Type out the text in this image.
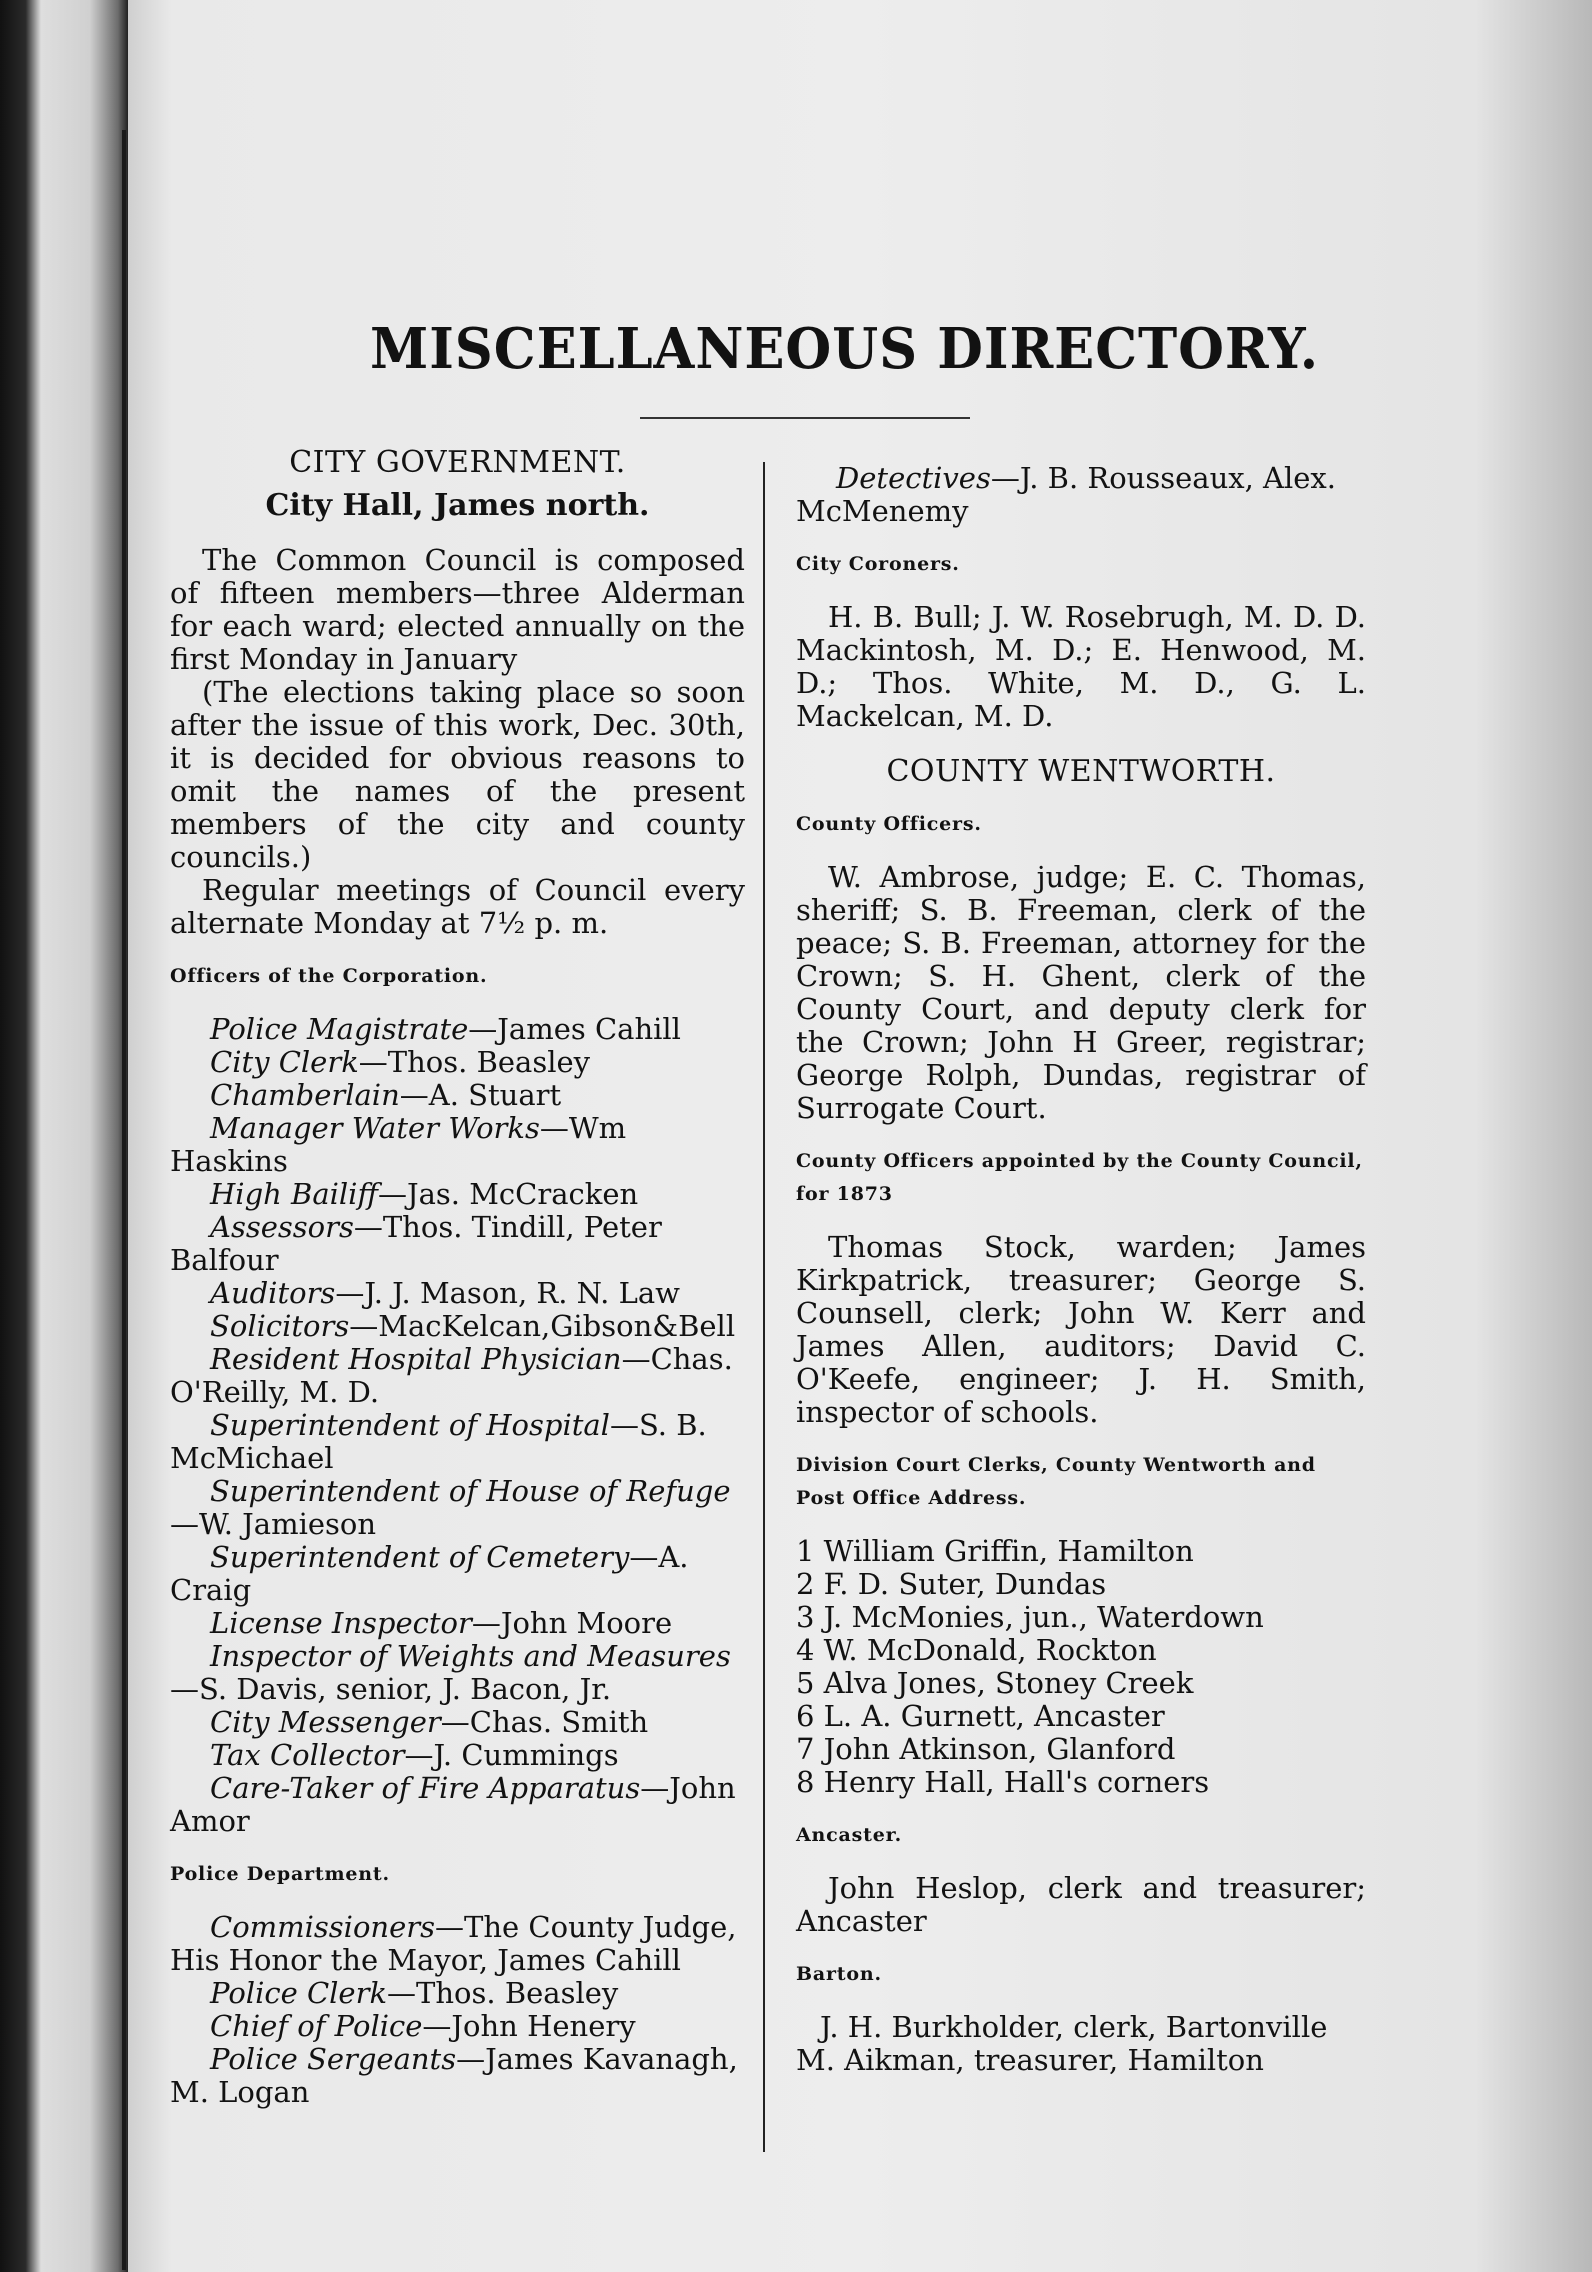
MISCELLANEOUS DIRECTORY.
CITY GOVERNMENT.
City Hall, James north.

The Common Council is composed of fifteen members—three Alderman for each ward; elected annually on the first Monday in January

(The elections taking place so soon after the issue of this work, Dec. 30th, it is decided for obvious reasons to omit the names of the present members of the city and county councils.)

Regular meetings of Council every alternate Monday at 7½ p. m.

Officers of the Corporation.

Police Magistrate—James Cahill

City Clerk—Thos. Beasley

Chamberlain—A. Stuart

Manager Water Works—Wm Haskins

High Bailiff—Jas. McCracken

Assessors—Thos. Tindill, Peter Balfour

Auditors—J. J. Mason, R. N. Law

Solicitors—MacKelcan,Gibson&Bell

Resident Hospital Physician—Chas. O'Reilly, M. D.

Superintendent of Hospital—S. B. McMichael

Superintendent of House of Refuge—W. Jamieson

Superintendent of Cemetery—A. Craig

License Inspector—John Moore

Inspector of Weights and Measures—S. Davis, senior, J. Bacon, Jr.

City Messenger—Chas. Smith

Tax Collector—J. Cummings

Care-Taker of Fire Apparatus—John Amor

Police Department.

Commissioners—The County Judge, His Honor the Mayor, James Cahill

Police Clerk—Thos. Beasley

Chief of Police—John Henery

Police Sergeants—James Kavanagh, M. Logan

Detectives—J. B. Rousseaux, Alex. McMenemy

City Coroners.

H. B. Bull; J. W. Rosebrugh, M. D. D. Mackintosh, M. D.; E. Henwood, M. D.; Thos. White, M. D., G. L. Mackelcan, M. D.

COUNTY WENTWORTH.
County Officers.

W. Ambrose, judge; E. C. Thomas, sheriff; S. B. Freeman, clerk of the peace; S. B. Freeman, attorney for the Crown; S. H. Ghent, clerk of the County Court, and deputy clerk for the Crown; John H Greer, registrar; George Rolph, Dundas, registrar of Surrogate Court.

County Officers appointed by the County Council, for 1873

Thomas Stock, warden; James Kirkpatrick, treasurer; George S. Counsell, clerk; John W. Kerr and James Allen, auditors; David C. O'Keefe, engineer; J. H. Smith, inspector of schools.

Division Court Clerks, County Wentworth and Post Office Address.
1 William Griffin, Hamilton
2 F. D. Suter, Dundas
3 J. McMonies, jun., Waterdown
4 W. McDonald, Rockton
5 Alva Jones, Stoney Creek
6 L. A. Gurnett, Ancaster
7 John Atkinson, Glanford
8 Henry Hall, Hall's corners
Ancaster.

John Heslop, clerk and treasurer; Ancaster

Barton.
J. H. Burkholder, clerk, Bartonville
M. Aikman, treasurer, Hamilton
